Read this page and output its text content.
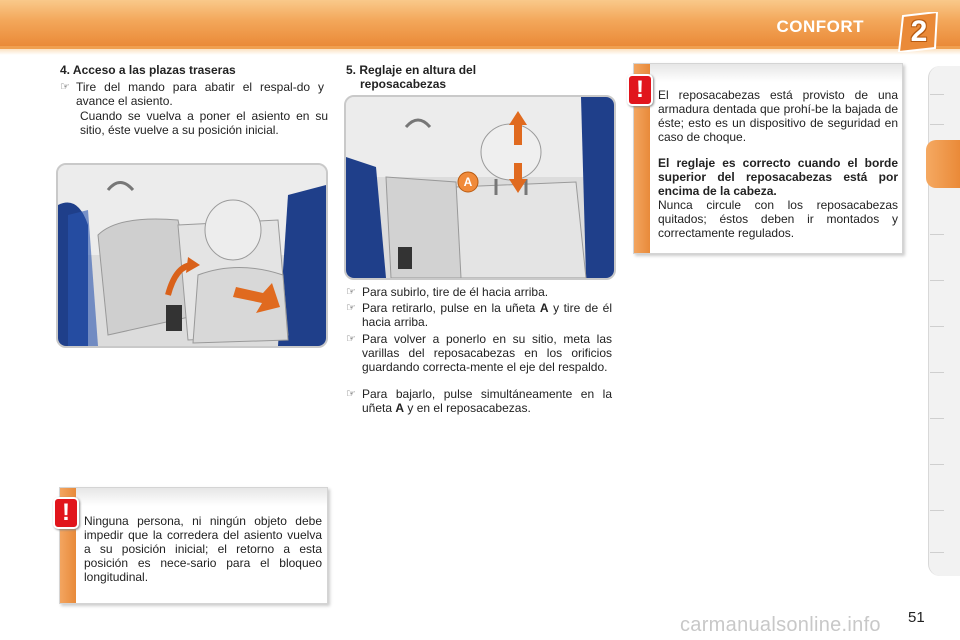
CONFORT	2
4. Acceso a las plazas traseras
☞ Tire del mando para abatir el respal-do y avance el asiento.
Cuando se vuelva a poner el asiento en su sitio, éste vuelve a su posición inicial.
5. Reglaje en altura del
reposacabezas
A
☞ Para subirlo, tire de él hacia arriba.
☞ Para retirarlo, pulse en la uñeta A y tire de él hacia arriba.
☞ Para volver a ponerlo en su sitio, meta las varillas del reposacabezas en los orificios guardando correcta-mente el eje del respaldo.
☞ Para bajarlo, pulse simultáneamente en la uñeta A y en el reposacabezas.
El reposacabezas está provisto de una armadura dentada que prohí-be la bajada de éste; esto es un dispositivo de seguridad en caso de choque.
El reglaje es correcto cuando el borde superior del reposacabezas está por encima de la cabeza.
Nunca circule con los reposacabezas quitados; éstos deben ir montados y correctamente regulados.
!
Ninguna persona, ni ningún objeto debe impedir que la corredera del asiento vuelva a su posición inicial; el retorno a esta posición es nece-sario para el bloqueo longitudinal.
!
carmanualsonline.info 51
